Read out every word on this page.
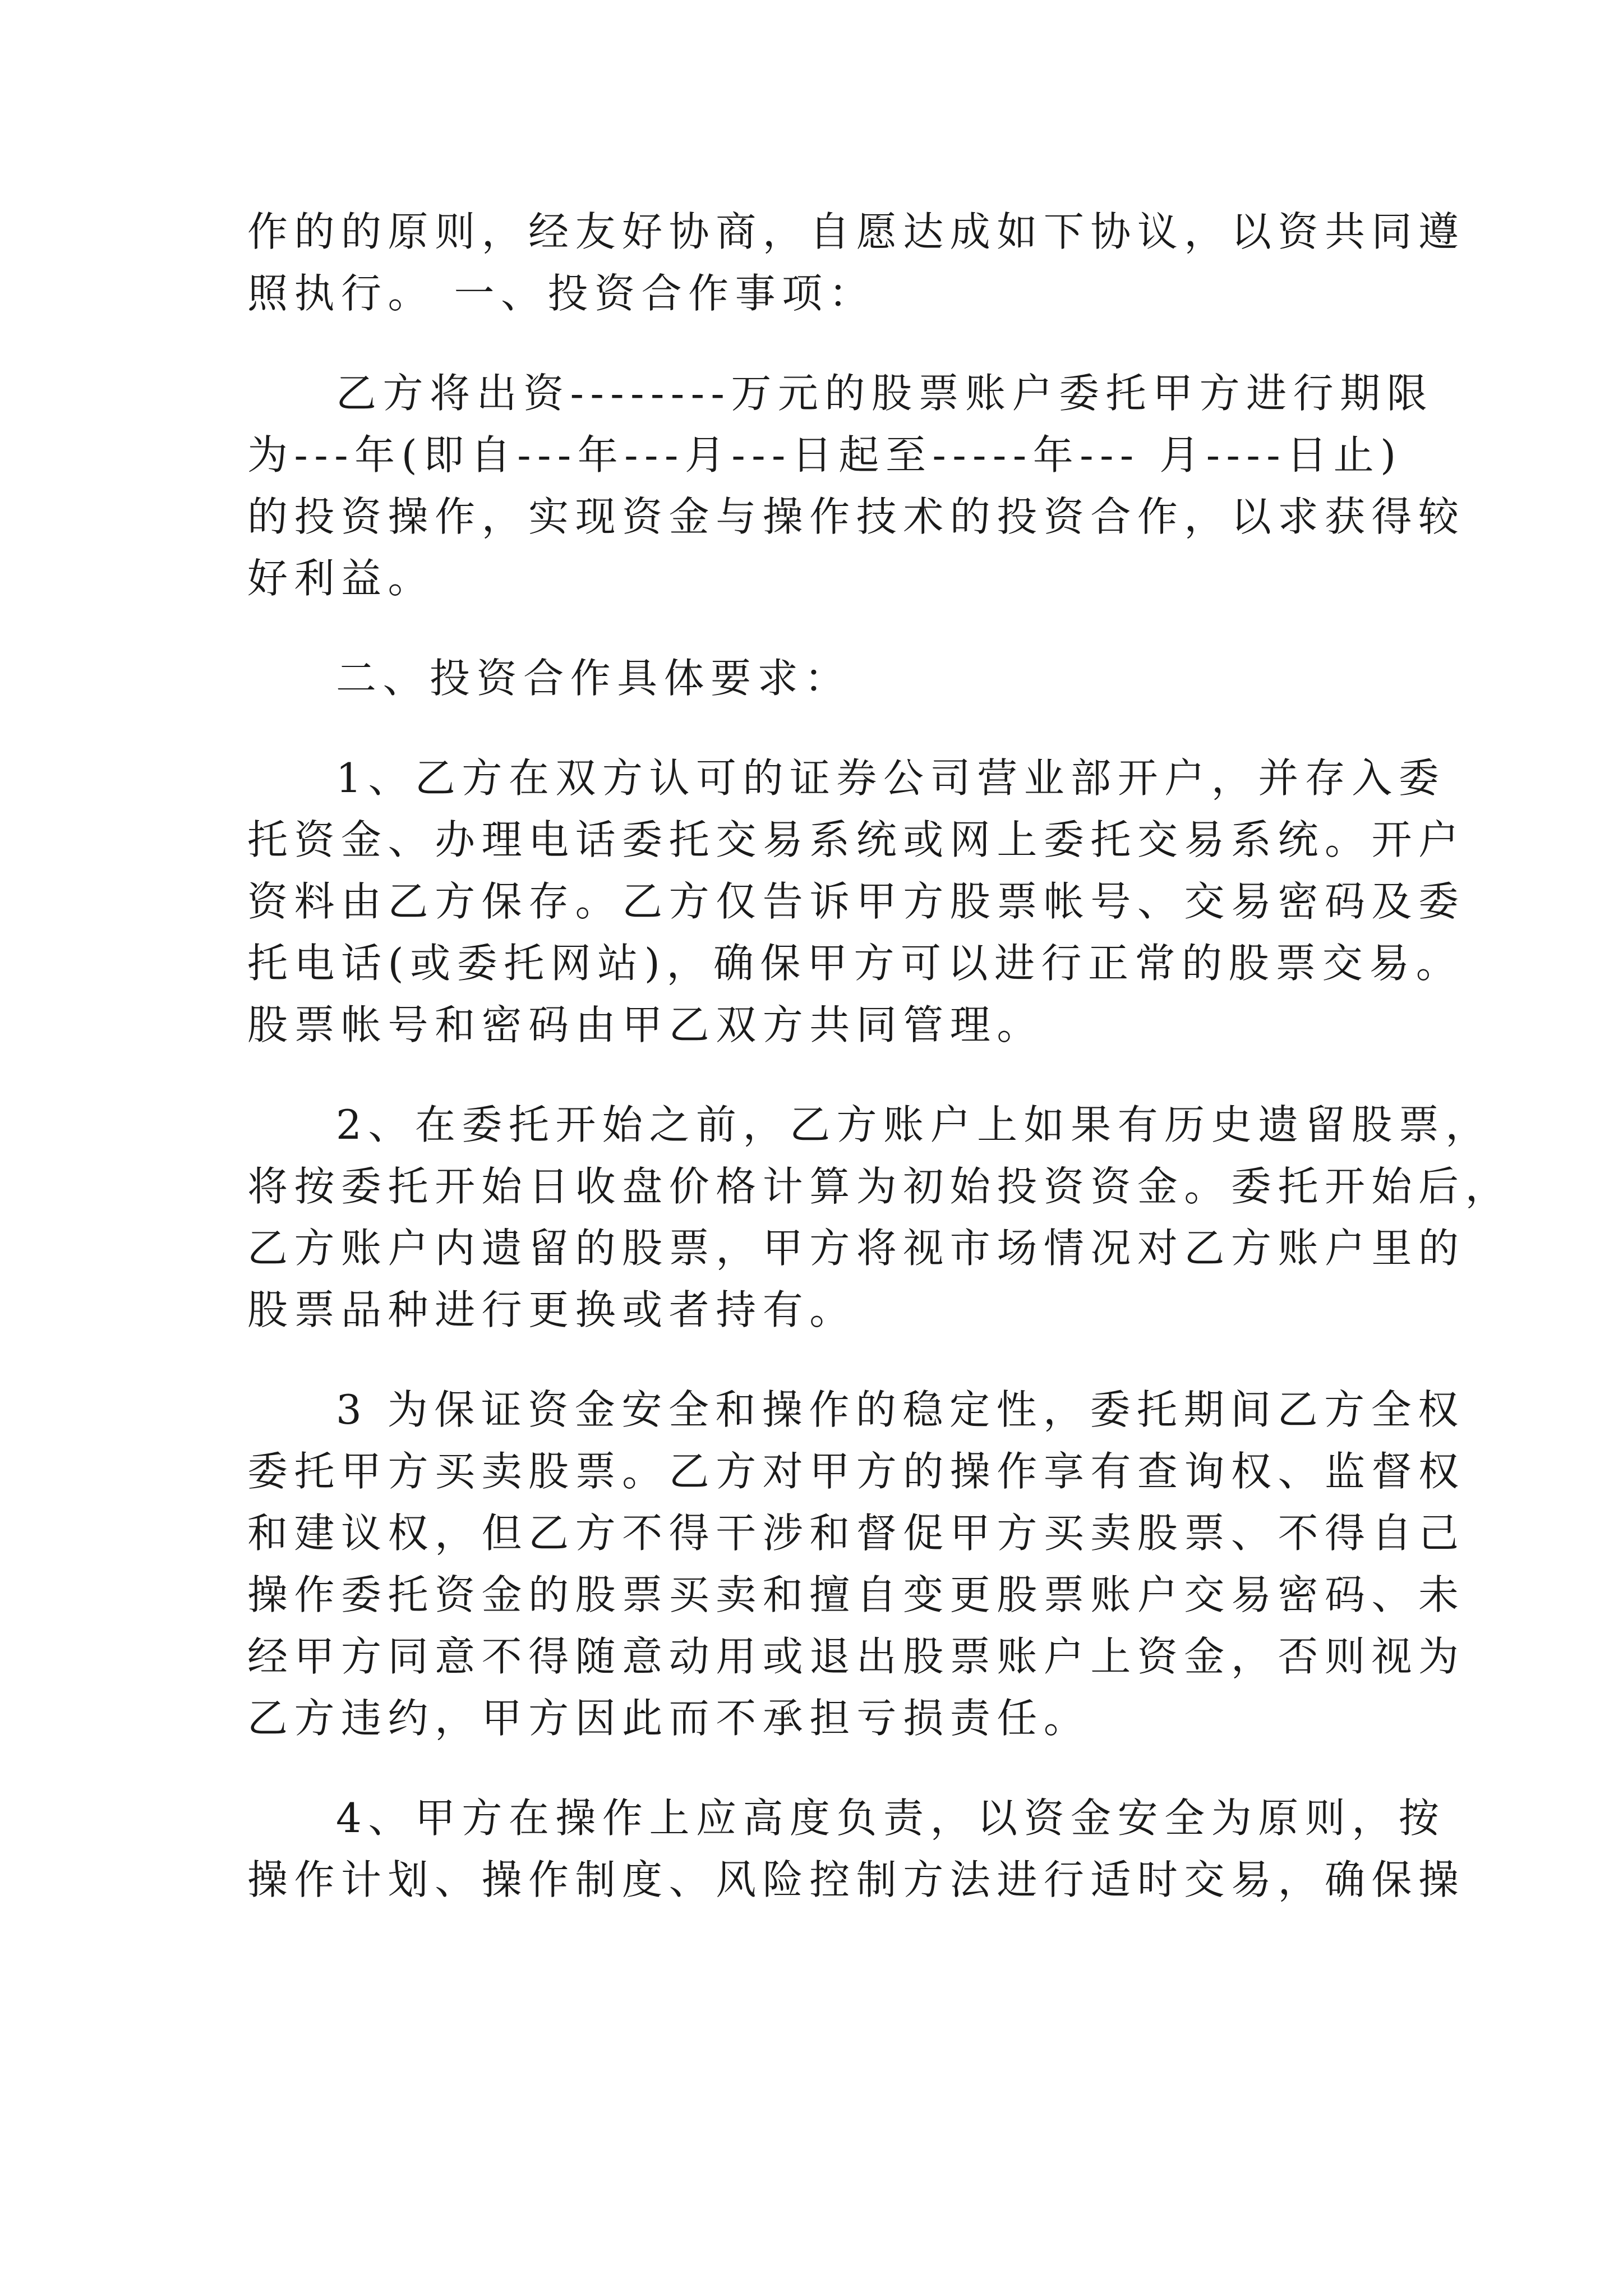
作的的原则，经友好协商，自愿达成如下协议，以资共同遵
照执行。 一、投资合作事项：
乙方将出资--------万元的股票账户委托甲方进行期限
为---年(即自---年---月---日起至-----年--- 月----日止)
的投资操作，实现资金与操作技术的投资合作，以求获得较
好利益。
二、投资合作具体要求：
1、乙方在双方认可的证券公司营业部开户，并存入委
托资金、办理电话委托交易系统或网上委托交易系统。开户
资料由乙方保存。乙方仅告诉甲方股票帐号、交易密码及委
托电话(或委托网站)，确保甲方可以进行正常的股票交易。
股票帐号和密码由甲乙双方共同管理。
2、在委托开始之前，乙方账户上如果有历史遗留股票，
将按委托开始日收盘价格计算为初始投资资金。委托开始后，
乙方账户内遗留的股票，甲方将视市场情况对乙方账户里的
股票品种进行更换或者持有。
3 为保证资金安全和操作的稳定性，委托期间乙方全权
委托甲方买卖股票。乙方对甲方的操作享有查询权、监督权
和建议权，但乙方不得干涉和督促甲方买卖股票、不得自己
操作委托资金的股票买卖和擅自变更股票账户交易密码、未
经甲方同意不得随意动用或退出股票账户上资金，否则视为
乙方违约，甲方因此而不承担亏损责任。
4、甲方在操作上应高度负责，以资金安全为原则，按
操作计划、操作制度、风险控制方法进行适时交易，确保操
